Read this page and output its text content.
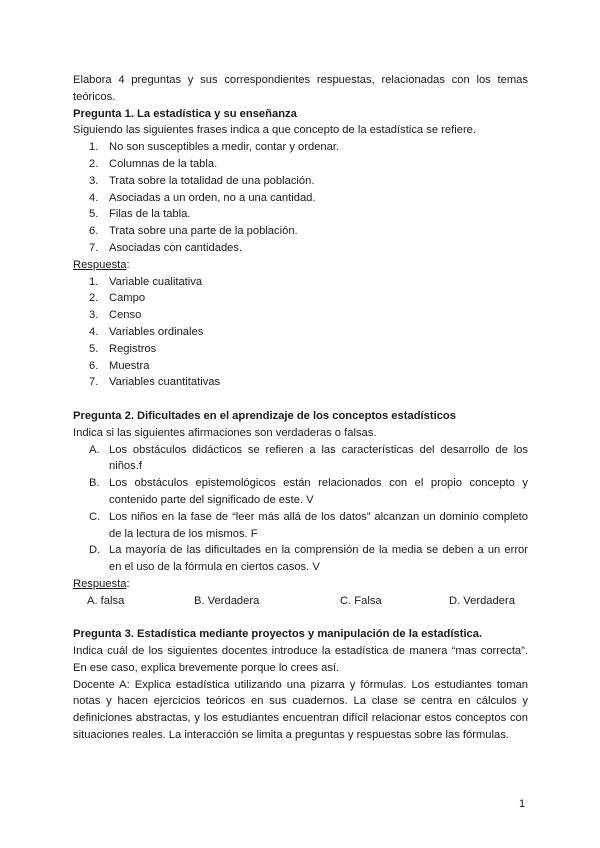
Elabora 4 preguntas y sus correspondientes respuestas, relacionadas con los temas teóricos.

Pregunta 1. La estadística y su enseñanza

Siguiendo las siguientes frases indica a que concepto de la estadística se refiere.

1. No son susceptibles a medir, contar y ordenar.
2. Columnas de la tabla.
3. Trata sobre la totalidad de una población.
4. Asociadas a un orden, no a una cantidad.
5. Filas de la tabla.
6. Trata sobre una parte de la población.
7. Asociadas con cantidades.

Respuesta:

1. Variable cualitativa
2. Campo
3. Censo
4. Variables ordinales
5. Registros
6. Muestra
7. Variables cuantitativas

Pregunta 2. Dificultades en el aprendizaje de los conceptos estadísticos

Indica si las siguientes afirmaciones son verdaderas o falsas.

A. Los obstáculos didácticos se refieren a las características del desarrollo de los niños.f
B. Los obstáculos epistemológicos están relacionados con el propio concepto y contenido parte del significado de este. V
C. Los niños en la fase de “leer más allá de los datos” alcanzan un dominio completo de la lectura de los mismos. F
D. La mayoría de las dificultades en la comprensión de la media se deben a un error en el uso de la fórmula en ciertos casos. V

Respuesta:

A. falsa	B. Verdadera	C. Falsa	D. Verdadera

Pregunta 3. Estadística mediante proyectos y manipulación de la estadística.

Indica cuál de los siguientes docentes introduce la estadística de manera “mas correcta”. En ese caso, explica brevemente porque lo crees así.

Docente A: Explica estadística utilizando una pizarra y fórmulas. Los estudiantes toman notas y hacen ejercicios teóricos en sus cuadernos. La clase se centra en cálculos y definiciones abstractas, y los estudiantes encuentran difícil relacionar estos conceptos con situaciones reales. La interacción se limita a preguntas y respuestas sobre las fórmulas.

1
